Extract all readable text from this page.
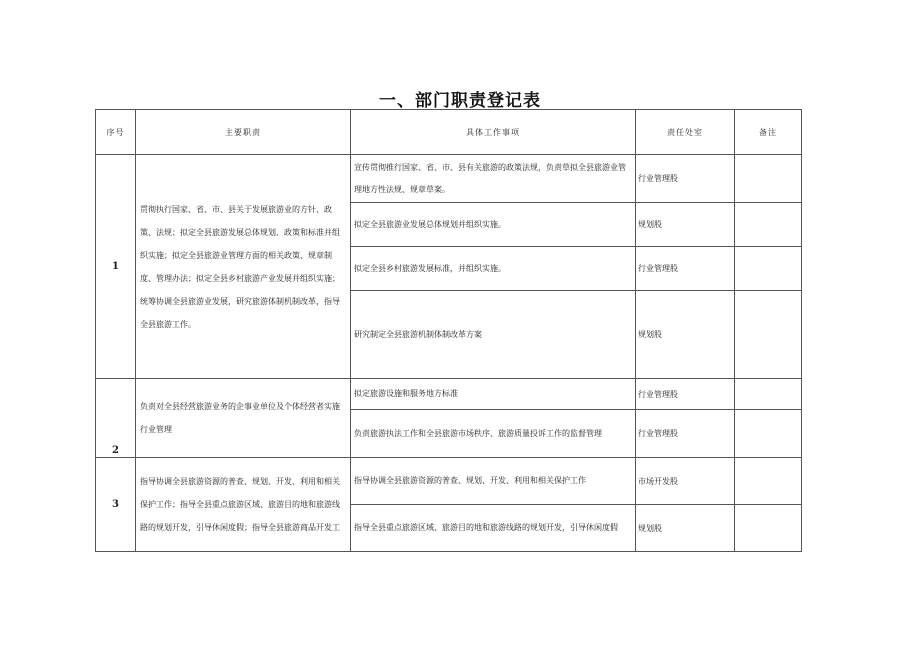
一、部门职责登记表
序号	主要职责	具体工作事项	责任处室	备注
1	贯彻执行国家、省、市、县关于发展旅游业的方针、政策、法规；拟定全县旅游发展总体规划、政策和标准并组织实施；拟定全县旅游业管理方面的相关政策、规章制度、管理办法；拟定全县乡村旅游产业发展并组织实施；统筹协调全县旅游业发展，研究旅游体制机制改革，指导全县旅游工作。	宣传贯彻推行国家、省、市、县有关旅游的政策法规，负责草拟全县旅游业管理地方性法规、规章草案。	行业管理股	
		拟定全县旅游业发展总体规划并组织实施。	规划股	
		拟定全县乡村旅游发展标准，并组织实施。	行业管理股	
		研究制定全县旅游机制体制改革方案	规划股	
2	负责对全县经营旅游业务的企事业单位及个体经营者实施行业管理	拟定旅游设施和服务地方标准	行业管理股	
		负责旅游执法工作和全县旅游市场秩序、旅游质量投诉工作的监督管理	行业管理股	
3	指导协调全县旅游资源的普查、规划、开发、利用和相关保护工作；指导全县重点旅游区域、旅游目的地和旅游线路的规划开发，引导休闲度假；指导全县旅游商品开发工	指导协调全县旅游资源的普查、规划、开发、利用和相关保护工作	市场开发股	
		指导全县重点旅游区域、旅游目的地和旅游线路的规划开发，引导休闲度假	规划股	
